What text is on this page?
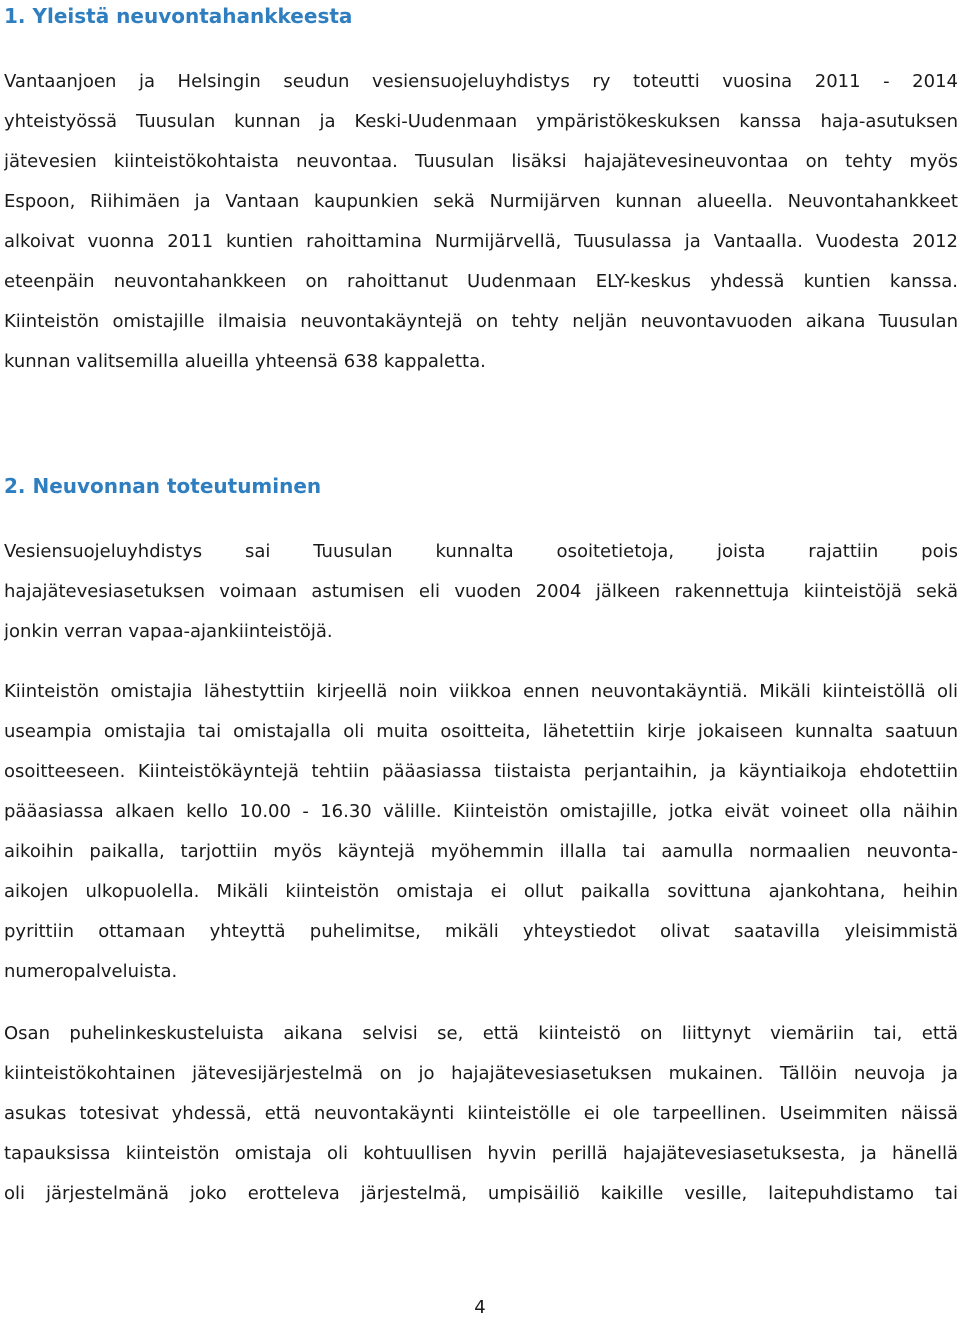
1. Yleistä neuvontahankkeesta
Vantaanjoen ja Helsingin seudun vesiensuojeluyhdistys ry toteutti vuosina 2011 - 2014
yhteistyössä Tuusulan kunnan ja Keski-Uudenmaan ympäristökeskuksen kanssa haja-asutuksen
jätevesien kiinteistökohtaista neuvontaa. Tuusulan lisäksi hajajätevesineuvontaa on tehty myös
Espoon, Riihimäen ja Vantaan kaupunkien sekä Nurmijärven kunnan alueella. Neuvontahankkeet
alkoivat vuonna 2011 kuntien rahoittamina Nurmijärvellä, Tuusulassa ja Vantaalla. Vuodesta 2012
eteenpäin neuvontahankkeen on rahoittanut Uudenmaan ELY-keskus yhdessä kuntien kanssa.
Kiinteistön omistajille ilmaisia neuvontakäyntejä on tehty neljän neuvontavuoden aikana Tuusulan
kunnan valitsemilla alueilla yhteensä 638 kappaletta.
2. Neuvonnan toteutuminen
Vesiensuojeluyhdistys sai Tuusulan kunnalta osoitetietoja, joista rajattiin pois
hajajätevesiasetuksen voimaan astumisen eli vuoden 2004 jälkeen rakennettuja kiinteistöjä sekä
jonkin verran vapaa-ajankiinteistöjä.
Kiinteistön omistajia lähestyttiin kirjeellä noin viikkoa ennen neuvontakäyntiä. Mikäli kiinteistöllä oli
useampia omistajia tai omistajalla oli muita osoitteita, lähetettiin kirje jokaiseen kunnalta saatuun
osoitteeseen. Kiinteistökäyntejä tehtiin pääasiassa tiistaista perjantaihin, ja käyntiaikoja ehdotettiin
pääasiassa alkaen kello 10.00 - 16.30 välille. Kiinteistön omistajille, jotka eivät voineet olla näihin
aikoihin paikalla, tarjottiin myös käyntejä myöhemmin illalla tai aamulla normaalien neuvonta-
aikojen ulkopuolella. Mikäli kiinteistön omistaja ei ollut paikalla sovittuna ajankohtana, heihin
pyrittiin ottamaan yhteyttä puhelimitse, mikäli yhteystiedot olivat saatavilla yleisimmistä
numeropalveluista.
Osan puhelinkeskusteluista aikana selvisi se, että kiinteistö on liittynyt viemäriin tai, että
kiinteistökohtainen jätevesijärjestelmä on jo hajajätevesiasetuksen mukainen. Tällöin neuvoja ja
asukas totesivat yhdessä, että neuvontakäynti kiinteistölle ei ole tarpeellinen. Useimmiten näissä
tapauksissa kiinteistön omistaja oli kohtuullisen hyvin perillä hajajätevesiasetuksesta, ja hänellä
oli järjestelmänä joko erotteleva järjestelmä, umpisäiliö kaikille vesille, laitepuhdistamo tai
4
